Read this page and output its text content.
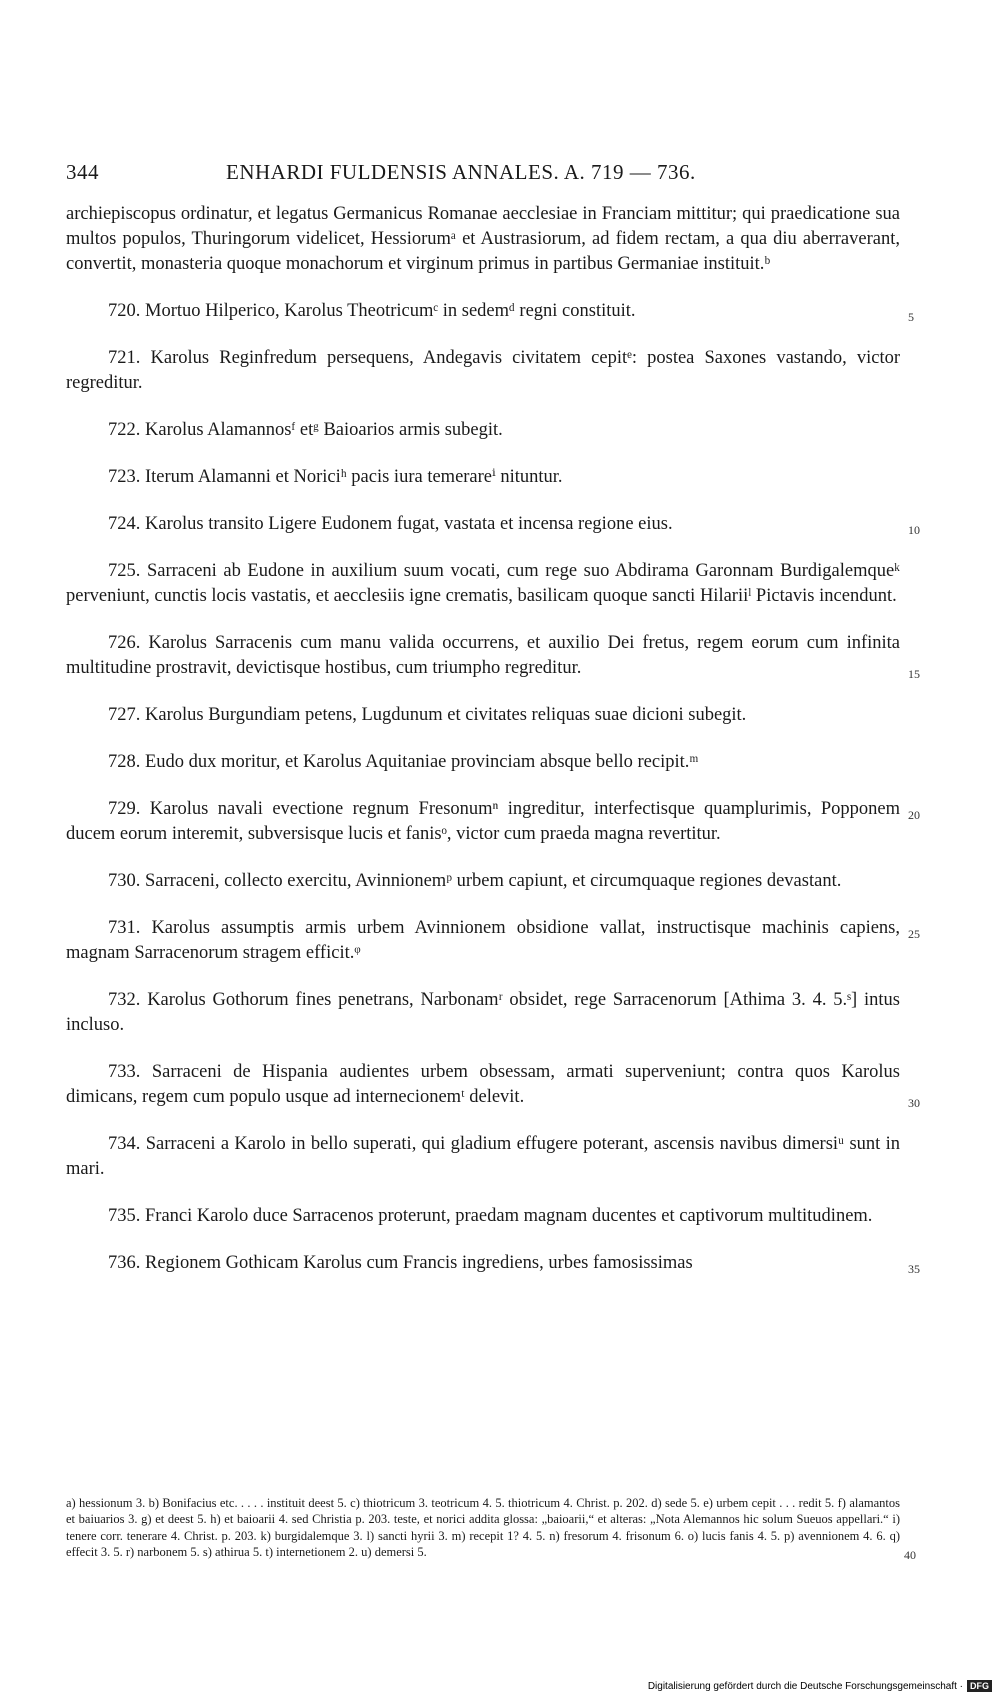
344	ENHARDI FULDENSIS ANNALES. A. 719 — 736.

archiepiscopus ordinatur, et legatus Germanicus Romanae aecclesiae in Franciam mittitur; qui praedicatione sua multos populos, Thuringorum videlicet, Hessiorumᵃ et Austrasiorum, ad fidem rectam, a qua diu aberraverant, convertit, monasteria quoque monachorum et virginum primus in partibus Germaniae instituit.ᵇ

720. Mortuo Hilperico, Karolus Theotricumᶜ in sedemᵈ regni constituit.	5

721. Karolus Reginfredum persequens, Andegavis civitatem cepitᵉ: postea Saxones vastando, victor regreditur.

722. Karolus Alamannosᶠ etᵍ Baioarios armis subegit.

723. Iterum Alamanni et Noriciʰ pacis iura temerareⁱ nituntur.

724. Karolus transito Ligere Eudonem fugat, vastata et incensa regione eius.	10

725. Sarraceni ab Eudone in auxilium suum vocati, cum rege suo Abdirama Garonnam Burdigalemqueᵏ perveniunt, cunctis locis vastatis, et aecclesiis igne crematis, basilicam quoque sancti Hilariiˡ Pictavis incendunt.

726. Karolus Sarracenis cum manu valida occurrens, et auxilio Dei fretus, regem eorum cum infinita multitudine prostravit, devictisque hostibus, cum triumpho regreditur.	15

727. Karolus Burgundiam petens, Lugdunum et civitates reliquas suae dicioni subegit.

728. Eudo dux moritur, et Karolus Aquitaniae provinciam absque bello recipit.ᵐ

729. Karolus navali evectione regnum Fresonumⁿ ingreditur, interfectisque quamplurimis, Popponem ducem eorum interemit, subversisque lucis et fanisᵒ, victor cum praeda magna revertitur.
20

730. Sarraceni, collecto exercitu, Avinnionemᵖ urbem capiunt, et circumquaque regiones devastant.

731. Karolus assumptis armis urbem Avinnionem obsidione vallat, instructisque machinis capiens, magnam Sarracenorum stragem efficit.ᵠ
25

732. Karolus Gothorum fines penetrans, Narbonamʳ obsidet, rege Sarracenorum [Athima 3. 4. 5.ˢ] intus incluso.

733. Sarraceni de Hispania audientes urbem obsessam, armati superveniunt; contra quos Karolus dimicans, regem cum populo usque ad internecionemᵗ delevit.	30

734. Sarraceni a Karolo in bello superati, qui gladium effugere poterant, ascensis navibus dimersiᵘ sunt in mari.

735. Franci Karolo duce Sarracenos proterunt, praedam magnam ducentes et captivorum multitudinem.

736. Regionem Gothicam Karolus cum Francis ingrediens, urbes famosissimas	35

a) hessionum 3. b) Bonifacius etc. . . . . instituit deest 5. c) thiotricum 3. teotricum 4. 5. thiotricum 4. Christ. p. 202. d) sede 5. e) urbem cepit . . . redit 5. f) alamantos et baiuarios 3. g) et deest 5. h) et baioarii 4. sed Christia p. 203. teste, et norici addita glossa: „baioarii,“ et alteras: „Nota Alemannos hic solum Sueuos appellari.“ i) tenere corr. tenerare 4. Christ. p. 203. k) burgidalemque 3. l) sancti hyrii 3. m) recepit 1? 4. 5. n) fresorum 4. frisonum 6. o) lucis fanis 4. 5. p) avennionem 4. 6. q) effecit 3. 5. r) narbonem 5. s) athirua 5. t) internetionem 2. u) demersi 5.	40
Digitalisierung gefördert durch die Deutsche Forschungsgemeinschaft · DFG
